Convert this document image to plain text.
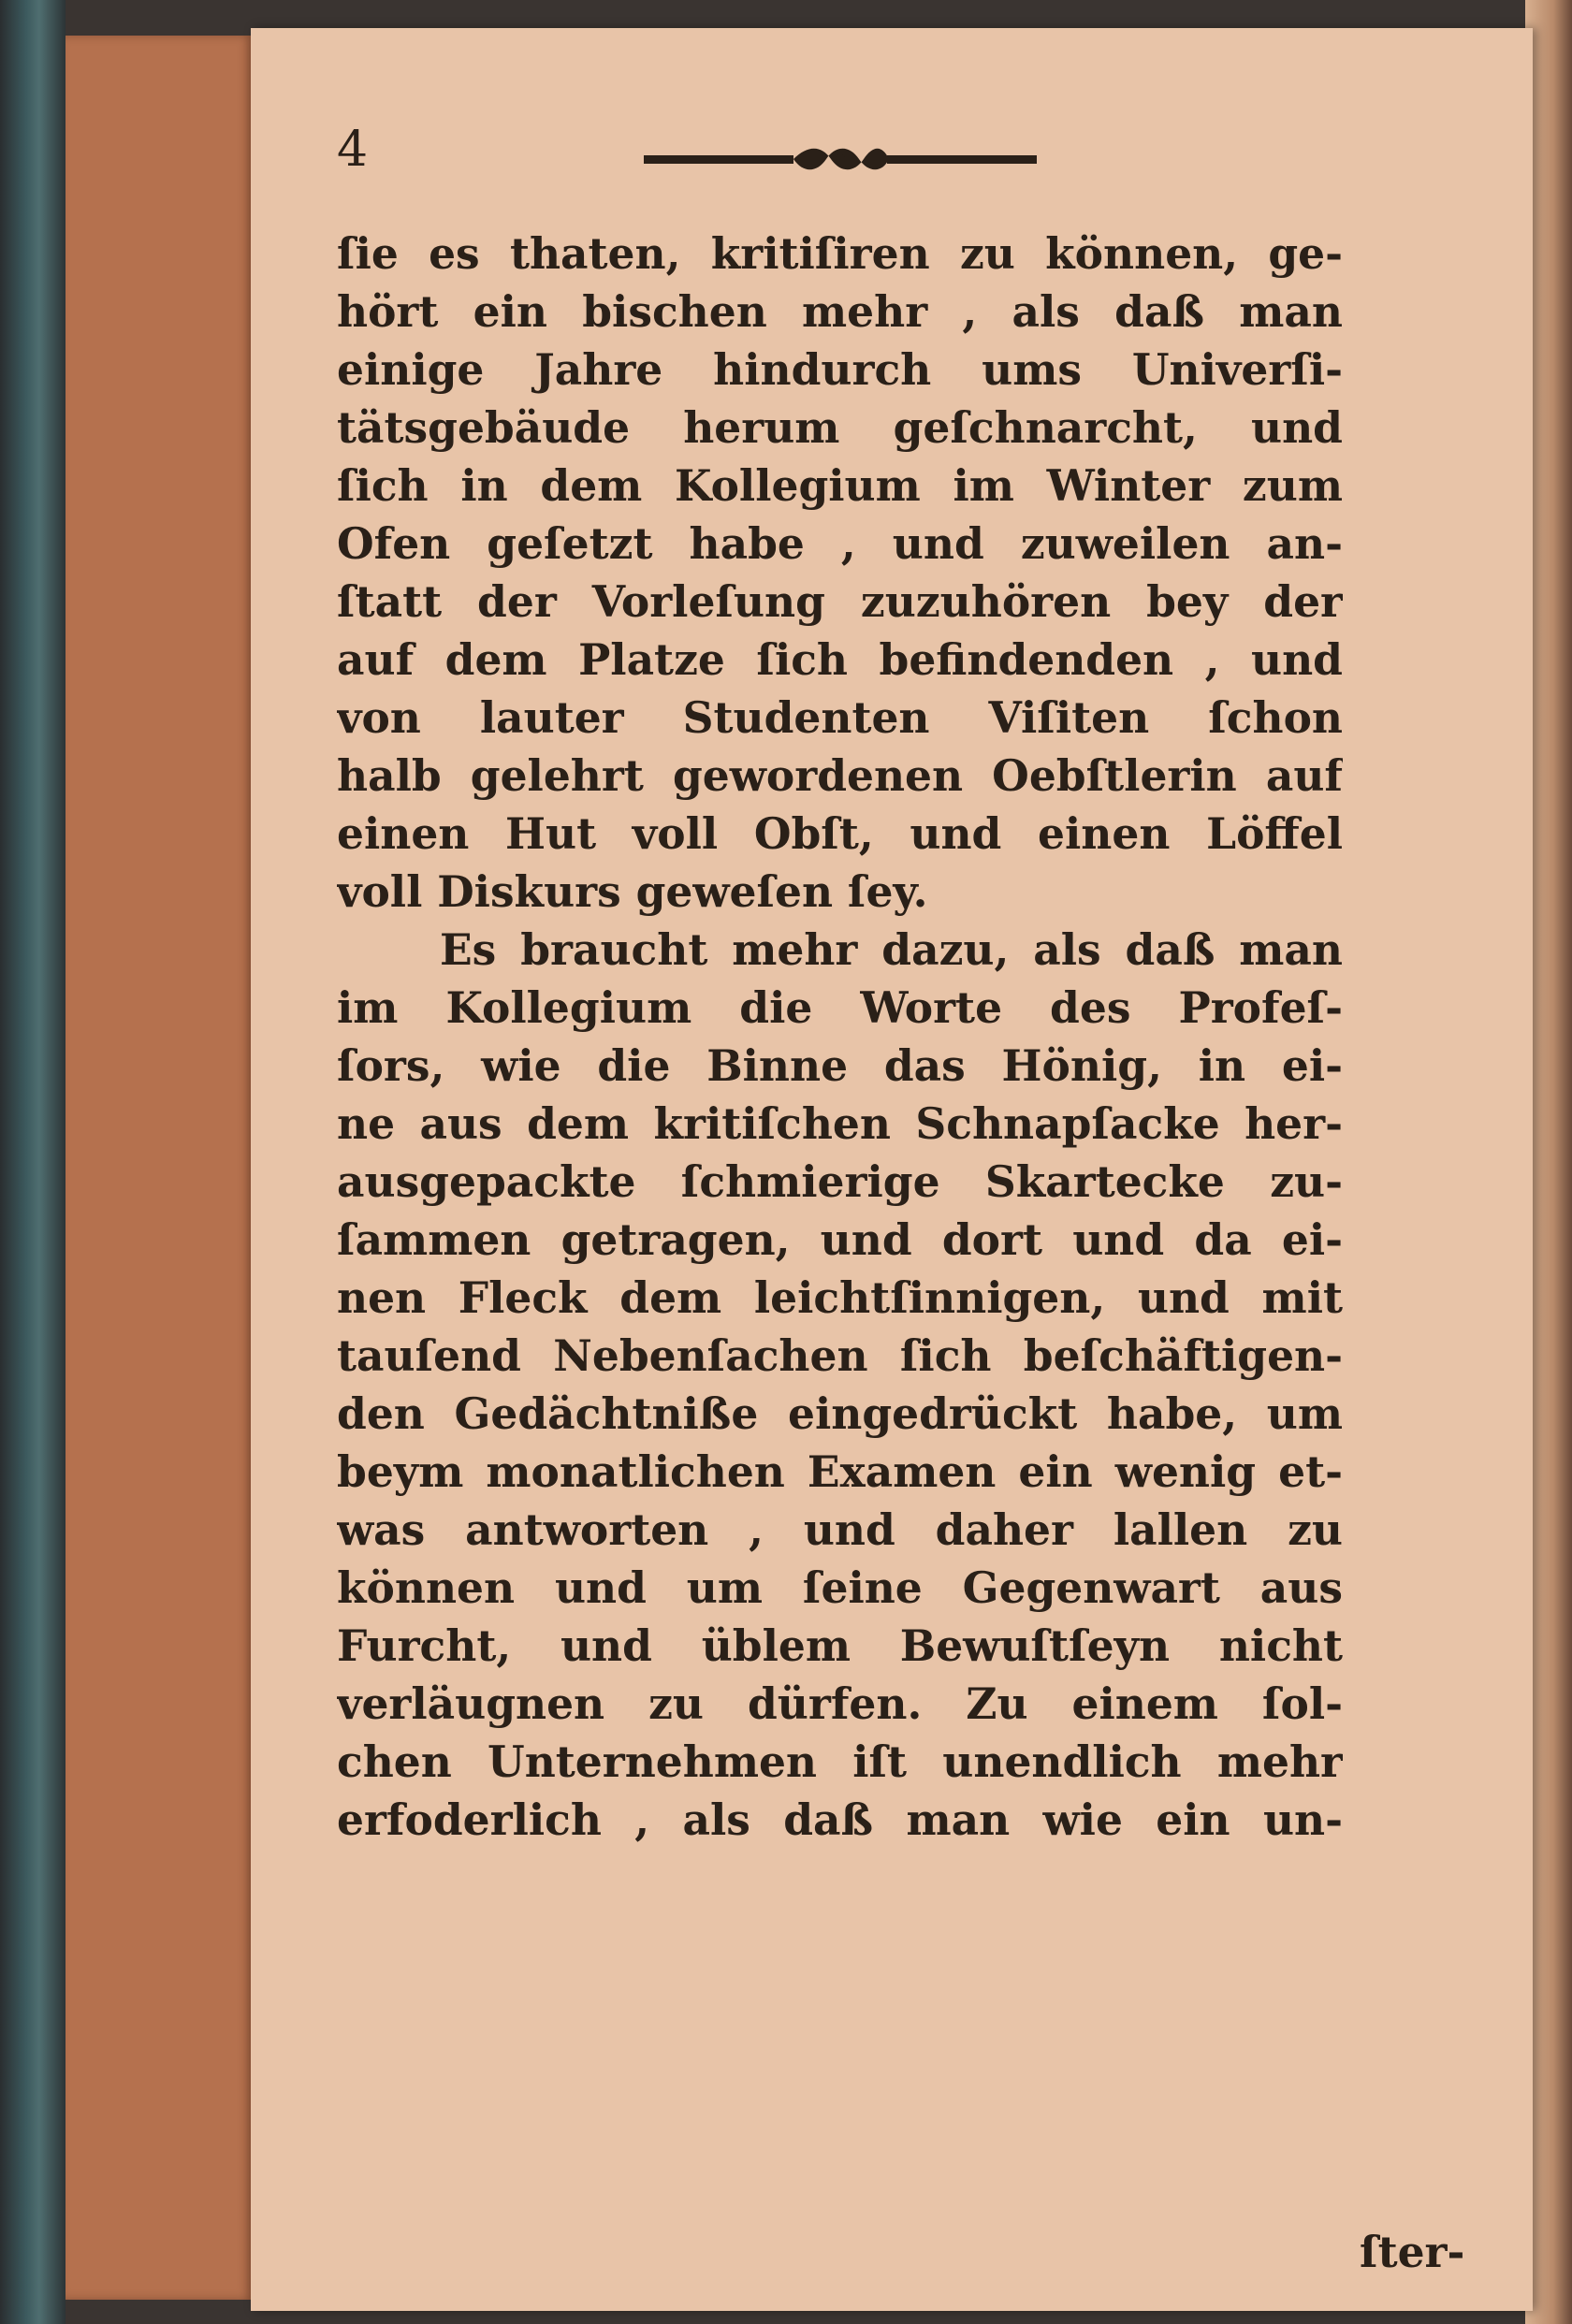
4
ſie es thaten, kritiſiren zu können, ge-
hört ein bischen mehr , als daß man
einige Jahre hindurch ums Univerſi-
tätsgebäude herum geſchnarcht, und
ſich in dem Kollegium im Winter zum
Ofen geſetzt habe , und zuweilen an-
ſtatt der Vorleſung zuzuhören bey der
auf dem Platze ſich befindenden , und
von lauter Studenten Viſiten ſchon
halb gelehrt gewordenen Oebſtlerin auf
einen Hut voll Obſt, und einen Löffel
voll Diskurs geweſen ſey.
Es braucht mehr dazu, als daß man
im Kollegium die Worte des Profeſ-
ſors, wie die Binne das Hönig, in ei-
ne aus dem kritiſchen Schnapſacke her-
ausgepackte ſchmierige Skartecke zu-
ſammen getragen, und dort und da ei-
nen Fleck dem leichtſinnigen, und mit
tauſend Nebenſachen ſich beſchäftigen-
den Gedächtniße eingedrückt habe, um
beym monatlichen Examen ein wenig et-
was antworten , und daher lallen zu
können und um ſeine Gegenwart aus
Furcht, und üblem Bewuſtſeyn nicht
verläugnen zu dürfen. Zu einem ſol-
chen Unternehmen iſt unendlich mehr
erfoderlich , als daß man wie ein un-
ſter-
